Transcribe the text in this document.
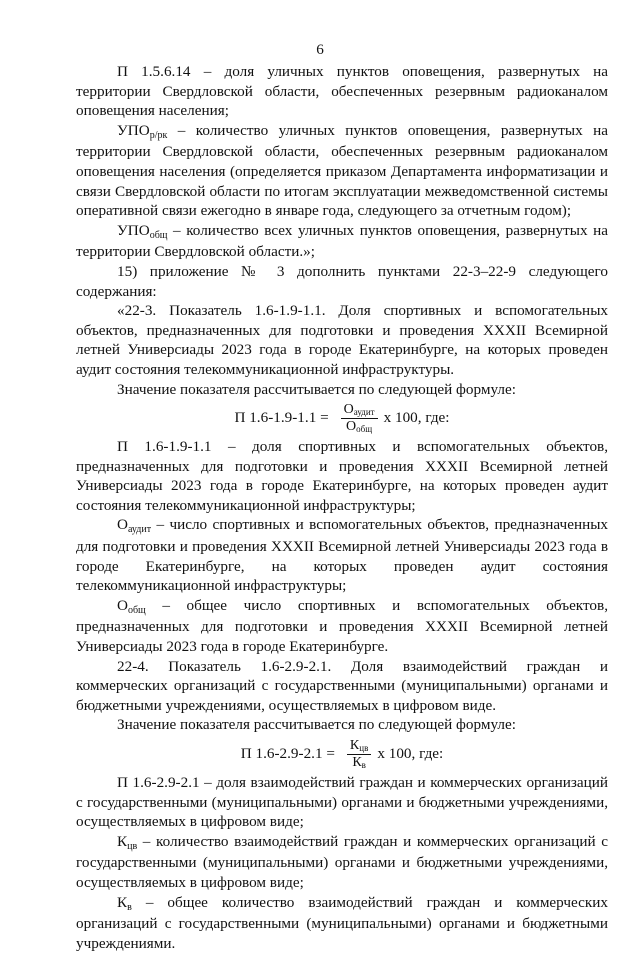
6

П 1.5.6.14 – доля уличных пунктов оповещения, развернутых на территории Свердловской области, обеспеченных резервным радиоканалом оповещения населения;

УПОр/рк – количество уличных пунктов оповещения, развернутых на территории Свердловской области, обеспеченных резервным радиоканалом оповещения населения (определяется приказом Департамента информатизации и связи Свердловской области по итогам эксплуатации межведомственной системы оперативной связи ежегодно в январе года, следующего за отчетным годом);

УПОобщ – количество всех уличных пунктов оповещения, развернутых на территории Свердловской области.»;

15) приложение № 3 дополнить пунктами 22-3–22-9 следующего содержания:

«22-3. Показатель 1.6-1.9-1.1. Доля спортивных и вспомогательных объектов, предназначенных для подготовки и проведения XXXII Всемирной летней Универсиады 2023 года в городе Екатеринбурге, на которых проведен аудит состояния телекоммуникационной инфраструктуры.

Значение показателя рассчитывается по следующей формуле:

П $1.6-1.9-1.1 = \frac{\text{Оаудит}}{\text{Ообщ}}$ x 100, где:

П 1.6-1.9-1.1 – доля спортивных и вспомогательных объектов, предназначенных для подготовки и проведения XXXII Всемирной летней Универсиады 2023 года в городе Екатеринбурге, на которых проведен аудит состояния телекоммуникационной инфраструктуры;

Оаудит – число спортивных и вспомогательных объектов, предназначенных для подготовки и проведения XXXII Всемирной летней Универсиады 2023 года в городе Екатеринбурге, на которых проведен аудит состояния телекоммуникационной инфраструктуры;

Ообщ – общее число спортивных и вспомогательных объектов, предназначенных для подготовки и проведения XXXII Всемирной летней Универсиады 2023 года в городе Екатеринбурге.

22-4. Показатель 1.6-2.9-2.1. Доля взаимодействий граждан и коммерческих организаций с государственными (муниципальными) органами и бюджетными учреждениями, осуществляемых в цифровом виде.

Значение показателя рассчитывается по следующей формуле:

П $1.6-2.9-2.1 = \frac{\text{Кцв}}{Кв}$ x 100, где:

П 1.6-2.9-2.1 – доля взаимодействий граждан и коммерческих организаций с государственными (муниципальными) органами и бюджетными учреждениями, осуществляемых в цифровом виде;

Кцв – количество взаимодействий граждан и коммерческих организаций с государственными (муниципальными) органами и бюджетными учреждениями, осуществляемых в цифровом виде;

Кв – общее количество взаимодействий граждан и коммерческих организаций с государственными (муниципальными) органами и бюджетными учреждениями.
